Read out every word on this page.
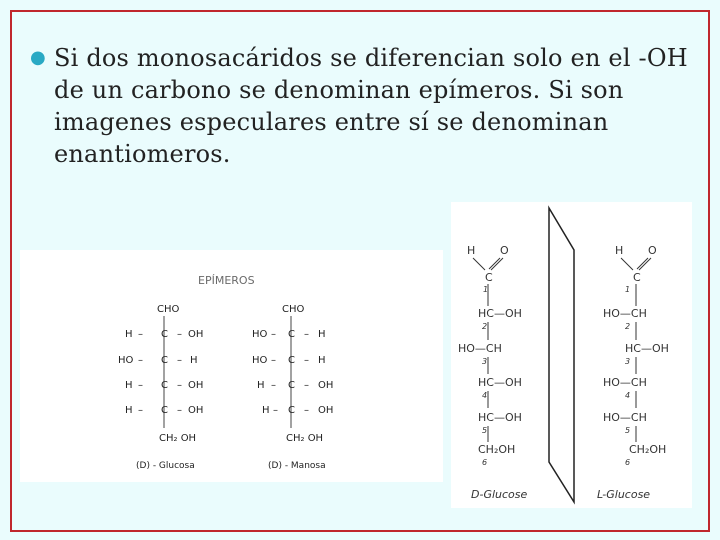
● Si dos monosacáridos se diferencian solo en el -OH de un carbono se denominan epímeros. Si son imagenes especulares entre sí se denominan enantiomeros.
EPÍMEROS
CHO
H – C – OH
HO – C – H
H – C – OH
H – C – OH
CH₂ OH
(D) - Glucosa
CHO
HO – C – H
HO – C – H
H – C – OH
H – C – OH
CH₂ OH
(D) - Manosa
H O
C
1
HC—OH
2
HO—CH
3
HC—OH
4
HC—OH
5
CH₂OH
6
D-Glucose
H O
C
1
HO—CH
2
HC—OH
3
HO—CH
4
HO—CH
5
CH₂OH
6
L-Glucose
